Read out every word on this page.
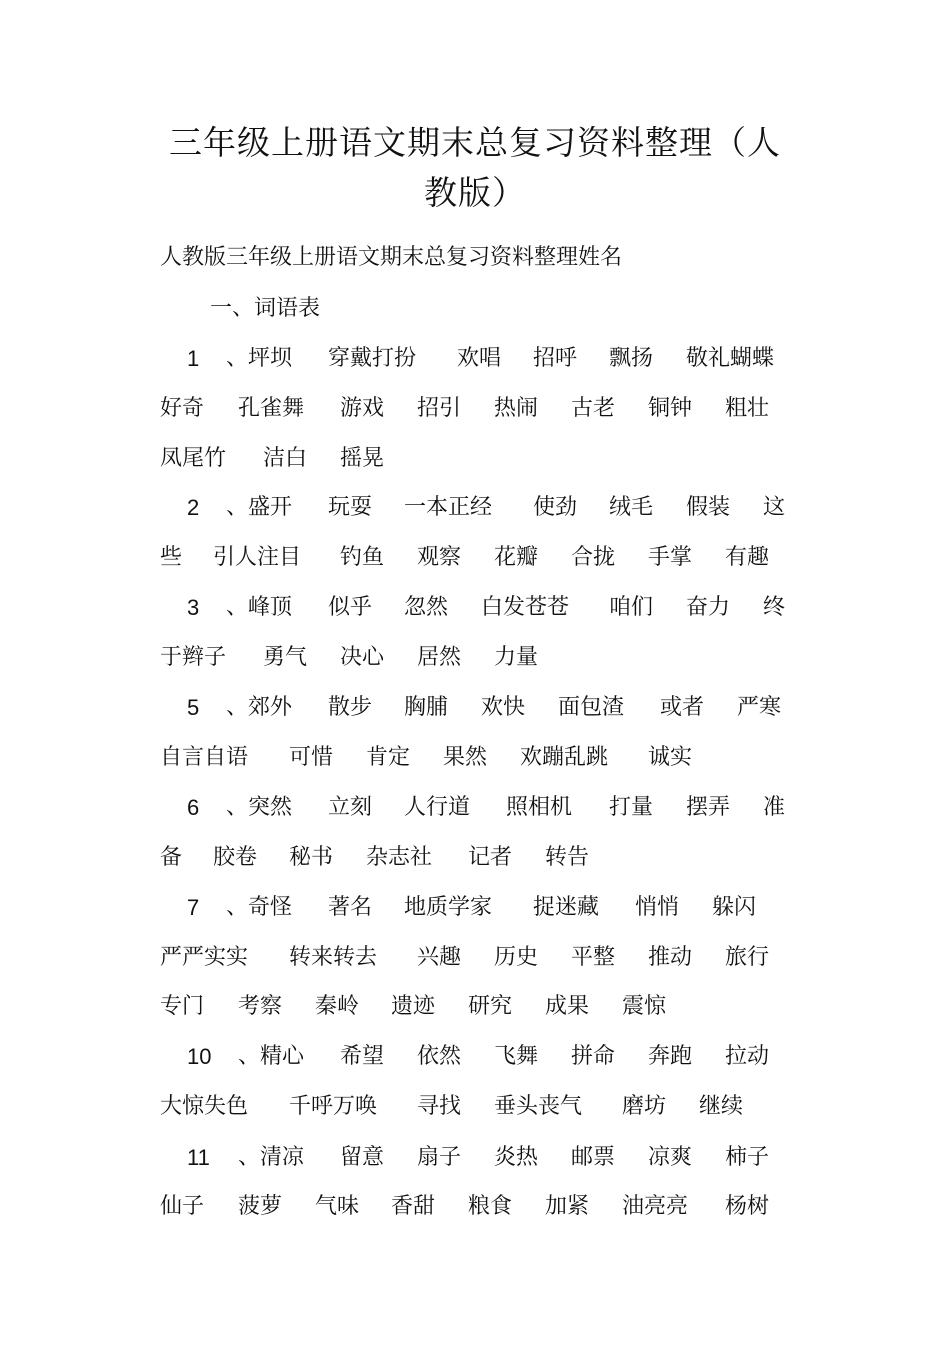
三年级上册语文期末总复习资料整理（人
教版）
人教版三年级上册语文期末总复习资料整理姓名
一、词语表
1 、坪坝 穿戴打扮 欢唱 招呼 飘扬 敬礼蝴蝶
好奇 孔雀舞 游戏 招引 热闹 古老 铜钟 粗壮
凤尾竹 洁白 摇晃
2 、盛开 玩耍 一本正经 使劲 绒毛 假装 这
些 引人注目 钓鱼 观察 花瓣 合拢 手掌 有趣
3 、峰顶 似乎 忽然 白发苍苍 咱们 奋力 终
于辫子 勇气 决心 居然 力量
5 、郊外 散步 胸脯 欢快 面包渣 或者 严寒
自言自语 可惜 肯定 果然 欢蹦乱跳 诚实
6 、突然 立刻 人行道 照相机 打量 摆弄 准
备 胶卷 秘书 杂志社 记者 转告
7 、奇怪 著名 地质学家 捉迷藏 悄悄 躲闪
严严实实 转来转去 兴趣 历史 平整 推动 旅行
专门 考察 秦岭 遗迹 研究 成果 震惊
10 、精心 希望 依然 飞舞 拼命 奔跑 拉动
大惊失色 千呼万唤 寻找 垂头丧气 磨坊 继续
11 、清凉 留意 扇子 炎热 邮票 凉爽 柿子
仙子 菠萝 气味 香甜 粮食 加紧 油亮亮 杨树
